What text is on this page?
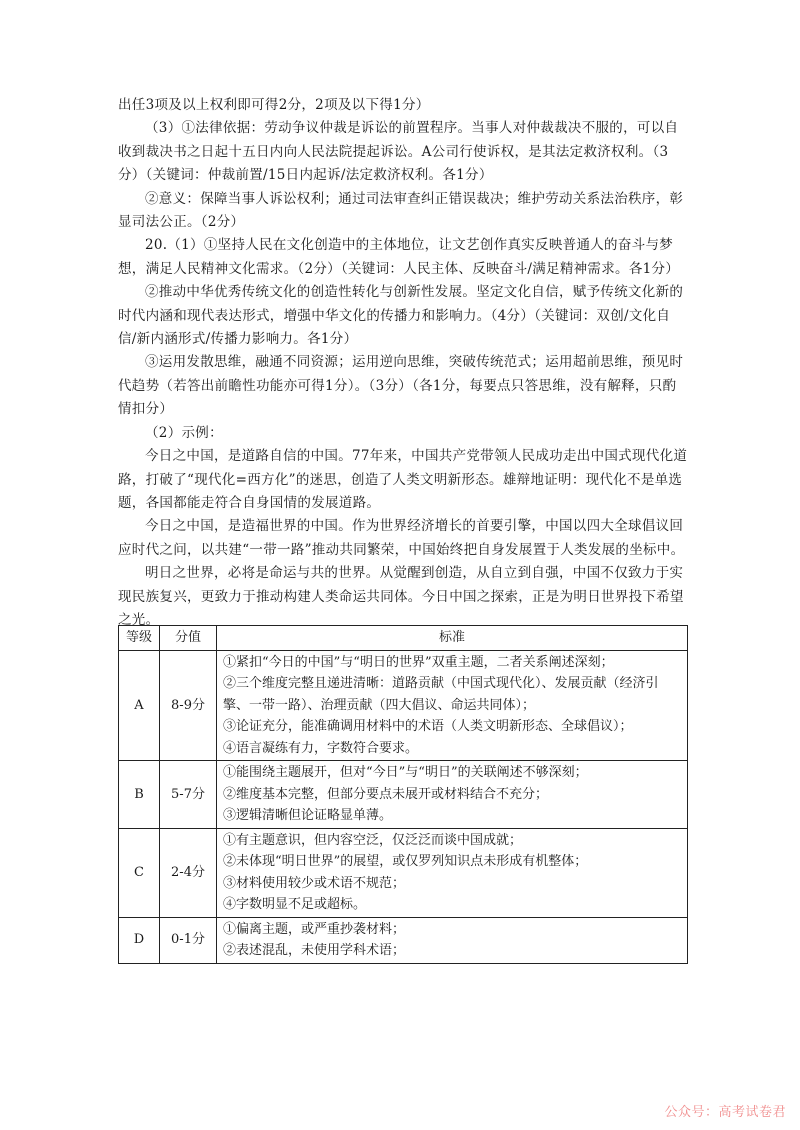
出任3项及以上权利即可得2分，2项及以下得1分）

（3）①法律依据：劳动争议仲裁是诉讼的前置程序。当事人对仲裁裁决不服的，可以自收到裁决书之日起十五日内向人民法院提起诉讼。A公司行使诉权，是其法定救济权利。（3分）（关键词：仲裁前置/15日内起诉/法定救济权利。各1分）

②意义：保障当事人诉讼权利；通过司法审查纠正错误裁决；维护劳动关系法治秩序，彰显司法公正。（2分）

20.（1）①坚持人民在文化创造中的主体地位，让文艺创作真实反映普通人的奋斗与梦想，满足人民精神文化需求。（2分）（关键词：人民主体、反映奋斗/满足精神需求。各1分）

②推动中华优秀传统文化的创造性转化与创新性发展。坚定文化自信，赋予传统文化新的时代内涵和现代表达形式，增强中华文化的传播力和影响力。（4分）（关键词：双创/文化自信/新内涵形式/传播力影响力。各1分）

③运用发散思维，融通不同资源；运用逆向思维，突破传统范式；运用超前思维，预见时代趋势（若答出前瞻性功能亦可得1分）。（3分）（各1分，每要点只答思维，没有解释，只酌情扣分）

（2）示例：

今日之中国，是道路自信的中国。77年来，中国共产党带领人民成功走出中国式现代化道路，打破了“现代化=西方化”的迷思，创造了人类文明新形态。雄辩地证明：现代化不是单选题，各国都能走符合自身国情的发展道路。

今日之中国，是造福世界的中国。作为世界经济增长的首要引擎，中国以四大全球倡议回应时代之问，以共建“一带一路”推动共同繁荣，中国始终把自身发展置于人类发展的坐标中。

明日之世界，必将是命运与共的世界。从觉醒到创造，从自立到自强，中国不仅致力于实现民族复兴，更致力于推动构建人类命运共同体。今日中国之探索，正是为明日世界投下希望之光。

等级	分值	标准
A	8-9分	①紧扣“今日的中国”与“明日的世界”双重主题，二者关系阐述深刻；
②三个维度完整且递进清晰：道路贡献（中国式现代化）、发展贡献（经济引擎、一带一路）、治理贡献（四大倡议、命运共同体）；
③论证充分，能准确调用材料中的术语（人类文明新形态、全球倡议）；
④语言凝练有力，字数符合要求。

B	5-7分	①能围绕主题展开，但对“今日”与“明日”的关联阐述不够深刻；
②维度基本完整，但部分要点未展开或材料结合不充分；
③逻辑清晰但论证略显单薄。

C	2-4分	①有主题意识，但内容空泛，仅泛泛而谈中国成就；
②未体现“明日世界”的展望，或仅罗列知识点未形成有机整体；
③材料使用较少或术语不规范；
④字数明显不足或超标。

D	0-1分	①偏离主题，或严重抄袭材料；
②表述混乱，未使用学科术语；
公众号：高考试卷君
